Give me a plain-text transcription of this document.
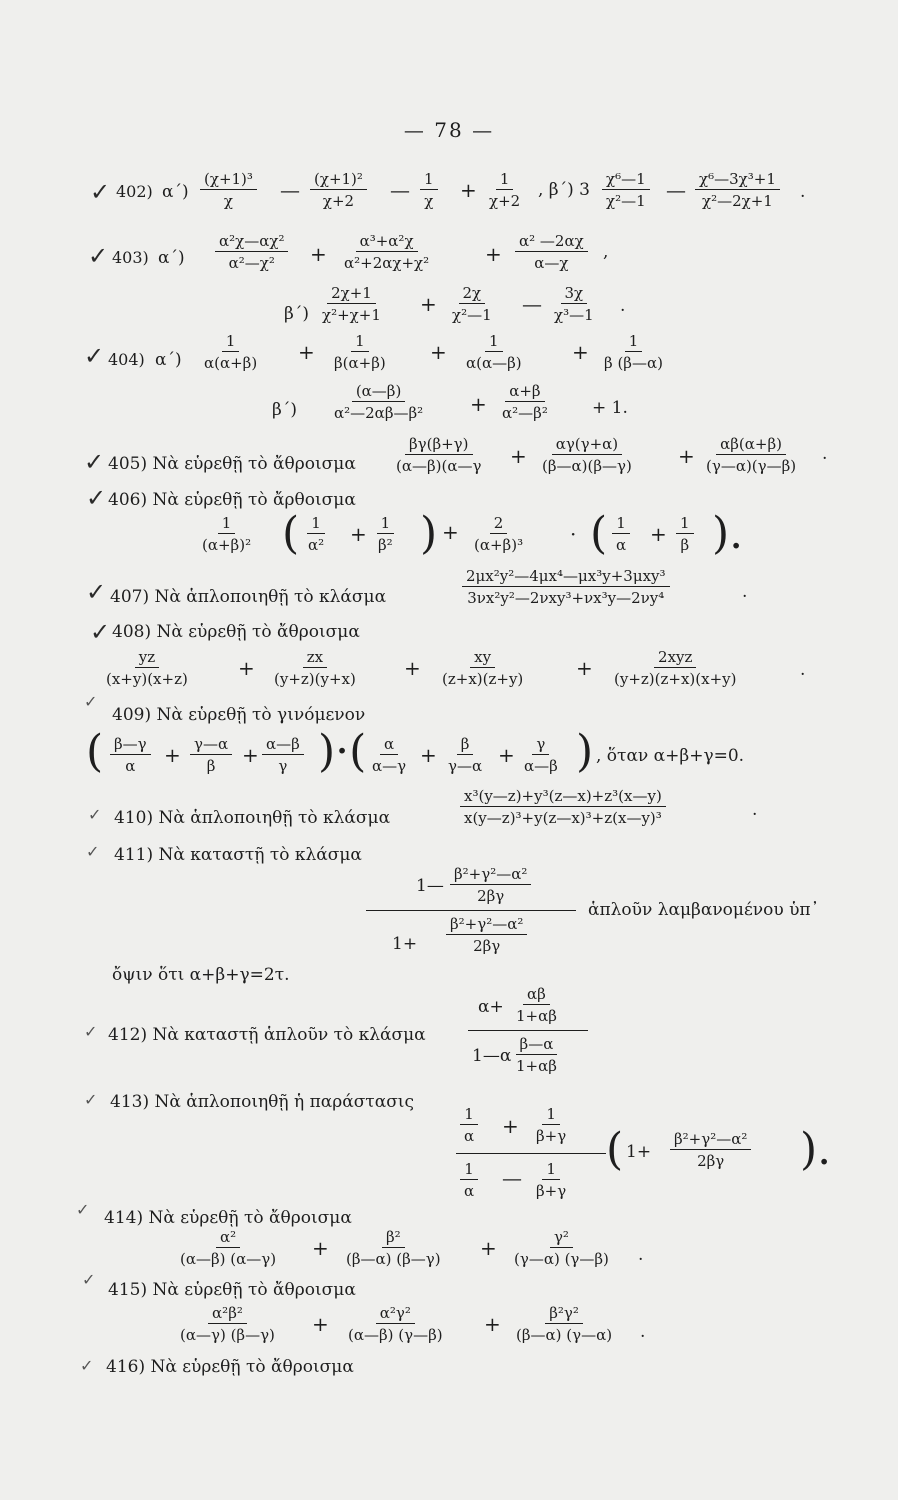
— 78 —
✓ 402) $\alpha΄) \frac{\text{(χ+1)³}}{\chi}$ — $\frac{\text{(χ+1)²}}{\chi+2}$ — $\frac{1}{\chi} + \frac{1}{\chi+2}$ , β΄) $3 \frac{\text{χ⁶—1}}{\text{χ²—1}}$ — $\frac{\text{χ⁶—3χ³+1}}{\text{χ²—2χ+1}}$ .
✓ 403) $\alpha΄) \frac{\text{α²χ—αχ²}}{\text{α²—χ²}} + \frac{\text{α³+α²χ}}{\text{α²+2αχ+χ²}}$	+ $\frac{\text{α² —2αχ}}{\alpha—\chi}$ ,
$\beta΄) \frac{2\chi+1}{\text{χ²+χ+1}} + \frac{2\chi}{\text{χ²—1}}$ — $\frac{3\chi}{\text{χ³—1}}$ .
✓ 404) $\alpha΄) \frac{1}{\alpha(\alpha+\beta)} + \frac{1}{\beta(\alpha+\beta)} + \frac{1}{\alpha(\alpha—\beta)} + \frac{1}{\beta (\beta—\alpha)}$
$\beta΄) \frac{(\alpha—\beta)}{\text{α²—2αβ—β²}} + \frac{\alpha+\beta}{\text{α²—β²}} + 1$.
✓ 405) Νὰ εὑρεθῇ τὸ ἄθροισμα $\frac{\beta\gamma(\beta+\gamma)}{(\alpha—\beta)(\alpha—\gamma} + \frac{\alpha\gamma(\gamma+\alpha)}{(\beta—\alpha)(\beta—\gamma)} + \frac{\alpha\beta(\alpha+\beta)}{(\gamma—\alpha)(\gamma—\beta)}$ .
✓ 406) Νὰ εὑρεθῇ τὸ ἄρθοισμα
$\frac{1}{\text{(α+β)²}}$ ( $\frac{1}{\text{α²}} + \frac{1}{\text{β²}}$ ) + $\frac{2}{\text{(α+β)³}}$ · ( $\frac{1}{\alpha} + \frac{1}{\beta}$ ).
✓ 407) Νὰ ἁπλοποιηθῇ τὸ κλάσμα
2μx²y²—4μx⁴—μx³y+3μxy³
3νx²y²—2νxy³+νx³y—2νy⁴	.
✓ 408) Νὰ εὑρεθῇ τὸ ἄθροισμα
$\frac{yz}{(x+y)(x+z)} + \frac{zx}{(y+z)(y+x)} + \frac{xy}{(z+x)(z+y)}$ +	2xyz
(y+z)(z+x)(x+y)	.
✓
409) Νὰ εὑρεθῇ τὸ γινόμενον
( $\frac{\beta—\gamma}{\alpha} + \frac{\gamma—\alpha}{\beta} + \frac{\alpha—\beta}{\gamma}$ )·( $\frac{\alpha}{\alpha—\gamma} + \frac{\beta}{\gamma—\alpha} + \frac{\gamma}{\alpha—\beta}$ ) , ὅταν α+β+γ=0.
✓ 410) Νὰ ἁπλοποιηθῇ τὸ κλάσμα	$\frac{\text{x³(y—z)+y³(z—x)+z³(x—y)}}{\text{x(y—z)³+y(z—x)³+z(x—y)³}}$	.
✓ 411) Νὰ καταστῇ τὸ κλάσμα
1— $\frac{\text{β²+γ²—α²}}{2\beta\gamma}$
$1+ \frac{\text{β²+γ²—α²}}{2\beta\gamma}$
ἁπλοῦν λαμβανομένου ὑπ᾽
ὄψιν ὅτι α+β+γ=2τ.
✓ 412) Νὰ καταστῇ ἁπλοῦν τὸ κλάσμα
$\alpha+ \frac{\alpha\beta}{1+\alpha\beta}$
1—α $\frac{\beta—\alpha}{1+\alpha\beta}$
✓ 413) Νὰ ἁπλοποιηθῇ ἡ παράστασις
$\frac{1}{\alpha} + \frac{1}{\beta+\gamma}$
$\frac{1}{\alpha}$ — $\frac{1}{\beta+\gamma}$
( $1+ \frac{\text{β²+γ²—α²}}{2\beta\gamma}$ ).
✓ 414) Νὰ εὑρεθῇ τὸ ἄθροισμα
$\frac{\text{α²}}{(\alpha—\beta) (\alpha—\gamma)} + \frac{\text{β²}}{(\beta—\alpha) (\beta—\gamma)} + \frac{\text{γ²}}{(\gamma—\alpha) (\gamma—\beta)}$ .
✓
415) Νὰ εὑρεθῇ τὸ ἄθροισμα
$\frac{\text{α²β²}}{(\alpha—\gamma) (\beta—\gamma)} + \frac{\text{α²γ²}}{(\alpha—\beta) (\gamma—\beta)} + \frac{\text{β²γ²}}{(\beta—\alpha) (\gamma—\alpha)}$ .
✓ 416) Νὰ εὑρεθῇ τὸ ἄθροισμα
